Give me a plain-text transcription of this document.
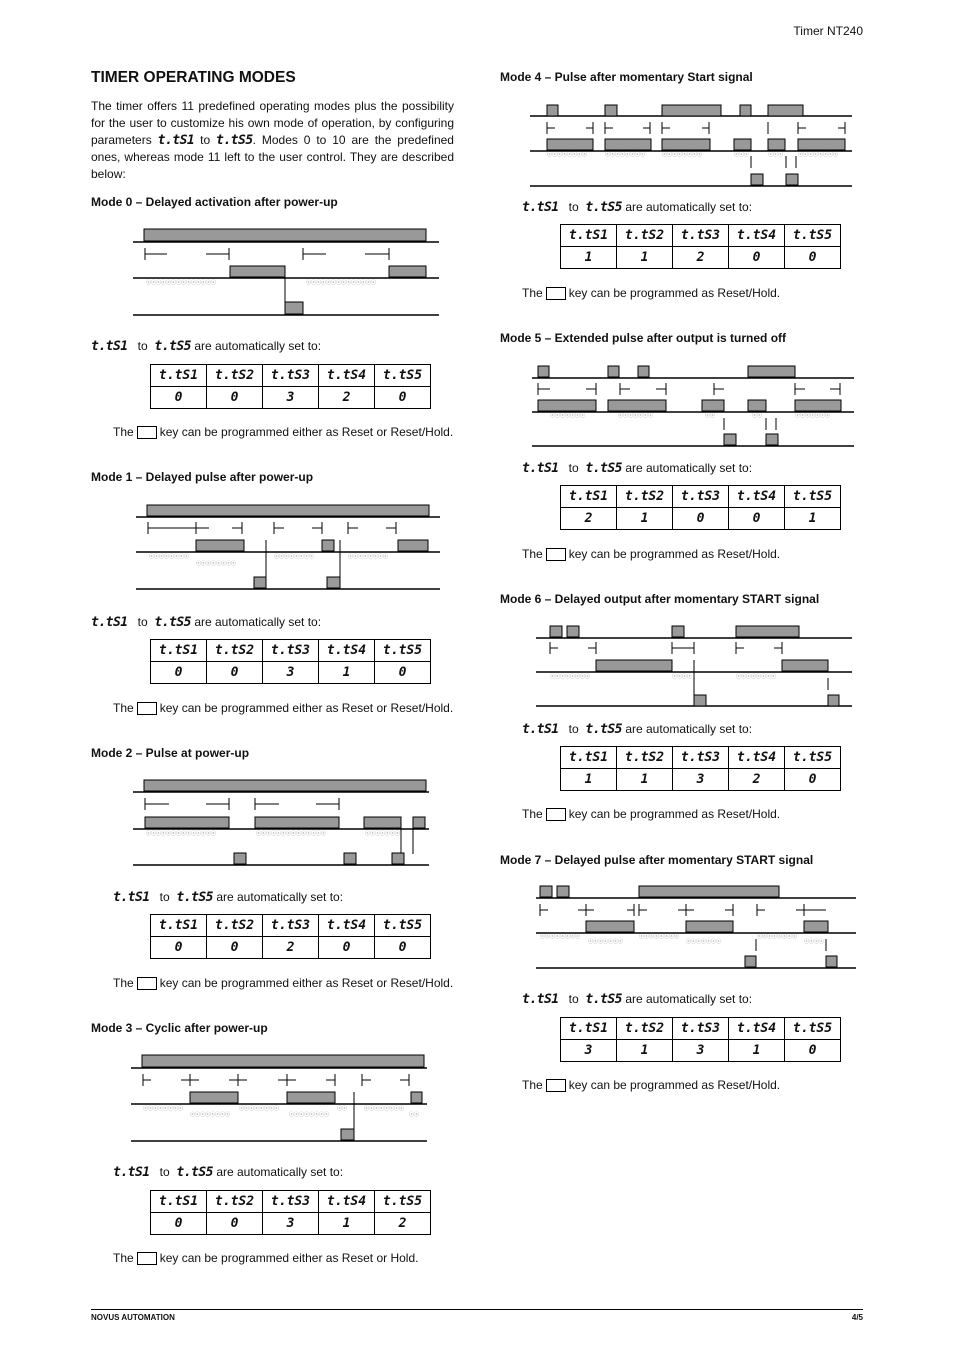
Timer NT240
TIMER OPERATING MODES
The timer offers 11 predefined operating modes plus the possibility for the user to customize his own mode of operation, by configuring parameters t.tS1 to t.tS5. Modes 0 to 10 are the predefined ones, whereas mode 11 left to the user control. They are described below:
Mode 0 – Delayed activation after power-up
ⓢⓢⓢⓢⓢⓢⓢⓢⓢⓢⓢⓢⓢⓢ	ⓢⓢⓢⓢⓢⓢⓢⓢⓢⓢⓢⓢⓢⓢ
t.tS1 to t.tS5 are automatically set to:
t.tS1	t.tS2	t.tS3	t.tS4	t.tS5
0	0	3	2	0
The key can be programmed either as Reset or Reset/Hold.
Mode 1 – Delayed pulse after power-up
ⓢⓢⓢⓢⓢⓢⓢⓢ
ⓢⓢⓢⓢⓢⓢⓢⓢ
ⓢⓢⓢⓢⓢⓢⓢⓢ	ⓢⓢⓢⓢⓢⓢⓢⓢ
t.tS1 to t.tS5 are automatically set to:
t.tS1	t.tS2	t.tS3	t.tS4	t.tS5
0	0	3	1	0
The key can be programmed either as Reset or Reset/Hold.
Mode 2 – Pulse at power-up
ⓢⓢⓢⓢⓢⓢⓢⓢⓢⓢⓢⓢⓢⓢ	ⓢⓢⓢⓢⓢⓢⓢⓢⓢⓢⓢⓢⓢⓢ	ⓢⓢⓢⓢⓢⓢⓢ
t.tS1 to t.tS5 are automatically set to:
t.tS1	t.tS2	t.tS3	t.tS4	t.tS5
0	0	2	0	0
The key can be programmed either as Reset or Reset/Hold.
Mode 3 – Cyclic after power-up
ⓢⓢⓢⓢⓢⓢⓢⓢ
ⓢⓢⓢⓢⓢⓢⓢⓢ
ⓢⓢⓢⓢⓢⓢⓢⓢ
ⓢⓢⓢⓢⓢⓢⓢⓢ
ⓢⓢ	ⓢⓢⓢⓢⓢⓢⓢⓢ
ⓢⓢ
t.tS1 to t.tS5 are automatically set to:
t.tS1	t.tS2	t.tS3	t.tS4	t.tS5
0	0	3	1	2
The key can be programmed either as Reset or Hold.
Mode 4 – Pulse after momentary Start signal
ⓢⓢⓢⓢⓢⓢⓢⓢ	ⓢⓢⓢⓢⓢⓢⓢⓢ	ⓢⓢⓢⓢⓢⓢⓢⓢ	ⓢⓢⓢ	ⓢⓢⓢ	ⓢⓢⓢⓢⓢⓢⓢⓢ
t.tS1 to t.tS5 are automatically set to:
t.tS1	t.tS2	t.tS3	t.tS4	t.tS5
1	1	2	0	0
The key can be programmed as Reset/Hold.
Mode 5 – Extended pulse after output is turned off
ⓢⓢⓢⓢⓢⓢⓢ	ⓢⓢⓢⓢⓢⓢⓢ	ⓢⓢ	ⓢⓢ	ⓢⓢⓢⓢⓢⓢⓢ
t.tS1 to t.tS5 are automatically set to:
t.tS1	t.tS2	t.tS3	t.tS4	t.tS5
2	1	0	0	1
The key can be programmed as Reset/Hold.
Mode 6 – Delayed output after momentary START signal
ⓢⓢⓢⓢⓢⓢⓢⓢ	ⓢⓢⓢⓢ	ⓢⓢⓢⓢⓢⓢⓢⓢ
t.tS1 to t.tS5 are automatically set to:
t.tS1	t.tS2	t.tS3	t.tS4	t.tS5
1	1	3	2	0
The key can be programmed as Reset/Hold.
Mode 7 – Delayed pulse after momentary START signal
ⓢⓢⓢⓢⓢⓢⓢⓢ
ⓢⓢⓢⓢⓢⓢⓢ
ⓢⓢⓢⓢⓢⓢⓢⓢ
ⓢⓢⓢⓢⓢⓢⓢ
ⓢⓢⓢⓢⓢⓢⓢⓢ
ⓢⓢⓢⓢ
t.tS1 to t.tS5 are automatically set to:
t.tS1	t.tS2	t.tS3	t.tS4	t.tS5
3	1	3	1	0
The key can be programmed as Reset/Hold.
NOVUS AUTOMATION	4/5
